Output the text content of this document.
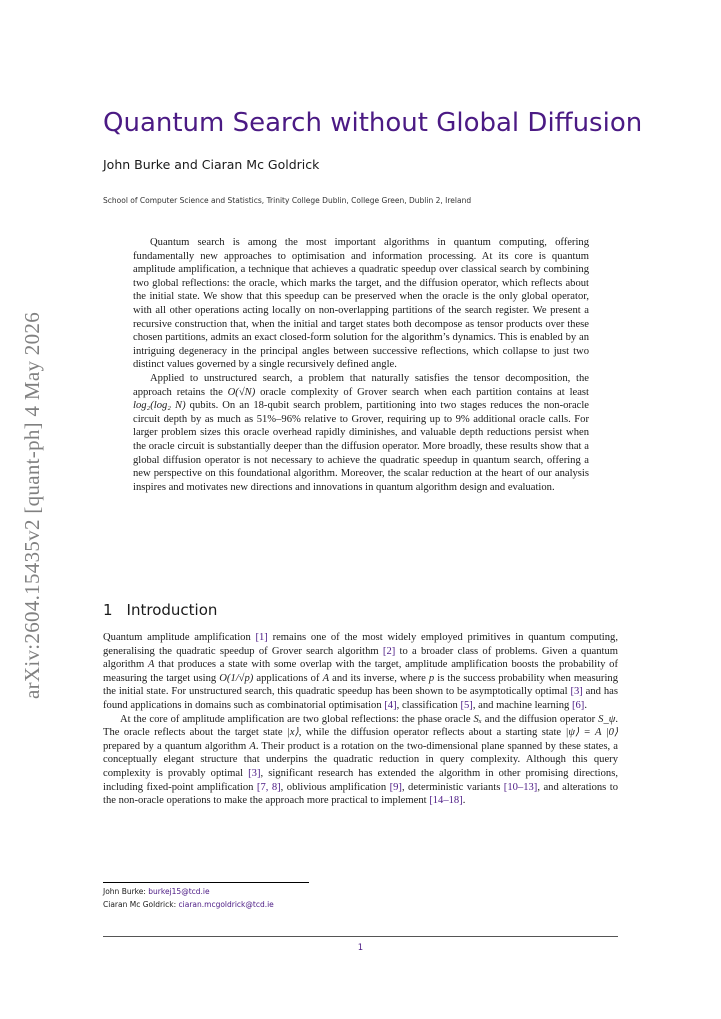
arXiv:2604.15435v2 [quant-ph] 4 May 2026
Quantum Search without Global Diffusion
John Burke and Ciaran Mc Goldrick
School of Computer Science and Statistics, Trinity College Dublin, College Green, Dublin 2, Ireland

Quantum search is among the most important algorithms in quantum computing, offering fundamentally new approaches to optimisation and information processing. At its core is quantum amplitude amplification, a technique that achieves a quadratic speedup over classical search by combining two global reflections: the oracle, which marks the target, and the diffusion operator, which reflects about the initial state. We show that this speedup can be preserved when the oracle is the only global operator, with all other operations acting locally on non-overlapping partitions of the search register. We present a recursive construction that, when the initial and target states both decompose as tensor products over these chosen partitions, admits an exact closed-form solution for the algorithm’s dynamics. This is enabled by an intriguing degeneracy in the principal angles between successive reflections, which collapse to just two distinct values governed by a single recursively defined angle.

Applied to unstructured search, a problem that naturally satisfies the tensor decomposition, the approach retains the O(√N) oracle complexity of Grover search when each partition contains at least log₂(log₂ N) qubits. On an 18-qubit search problem, partitioning into two stages reduces the non-oracle circuit depth by as much as 51%–96% relative to Grover, requiring up to 9% additional oracle calls. For larger problem sizes this oracle overhead rapidly diminishes, and valuable depth reductions persist when the oracle circuit is substantially deeper than the diffusion operator. More broadly, these results show that a global diffusion operator is not necessary to achieve the quadratic speedup in quantum search, offering a new perspective on this foundational algorithm. Moreover, the scalar reduction at the heart of our analysis inspires and motivates new directions and innovations in quantum algorithm design and evaluation.

1 Introduction

Quantum amplitude amplification [1] remains one of the most widely employed primitives in quantum computing, generalising the quadratic speedup of Grover search algorithm [2] to a broader class of problems. Given a quantum algorithm A that produces a state with some overlap with the target, amplitude amplification boosts the probability of measuring the target using O(1/√p) applications of A and its inverse, where p is the success probability when measuring the initial state. For unstructured search, this quadratic speedup has been shown to be asymptotically optimal [3] and has found applications in domains such as combinatorial optimisation [4], classification [5], and machine learning [6].

At the core of amplitude amplification are two global reflections: the phase oracle Sₓ and the diffusion operator S_ψ. The oracle reflects about the target state |x⟩, while the diffusion operator reflects about a starting state |ψ⟩ = A |0⟩ prepared by a quantum algorithm A. Their product is a rotation on the two-dimensional plane spanned by these states, a conceptually elegant structure that underpins the quadratic reduction in query complexity. Although this query complexity is provably optimal [3], significant research has extended the algorithm in other promising directions, including fixed-point amplification [7, 8], oblivious amplification [9], deterministic variants [10–13], and alterations to the non-oracle operations to make the approach more practical to implement [14–18].

John Burke: burkej15@tcd.ie
Ciaran Mc Goldrick: ciaran.mcgoldrick@tcd.ie
1
